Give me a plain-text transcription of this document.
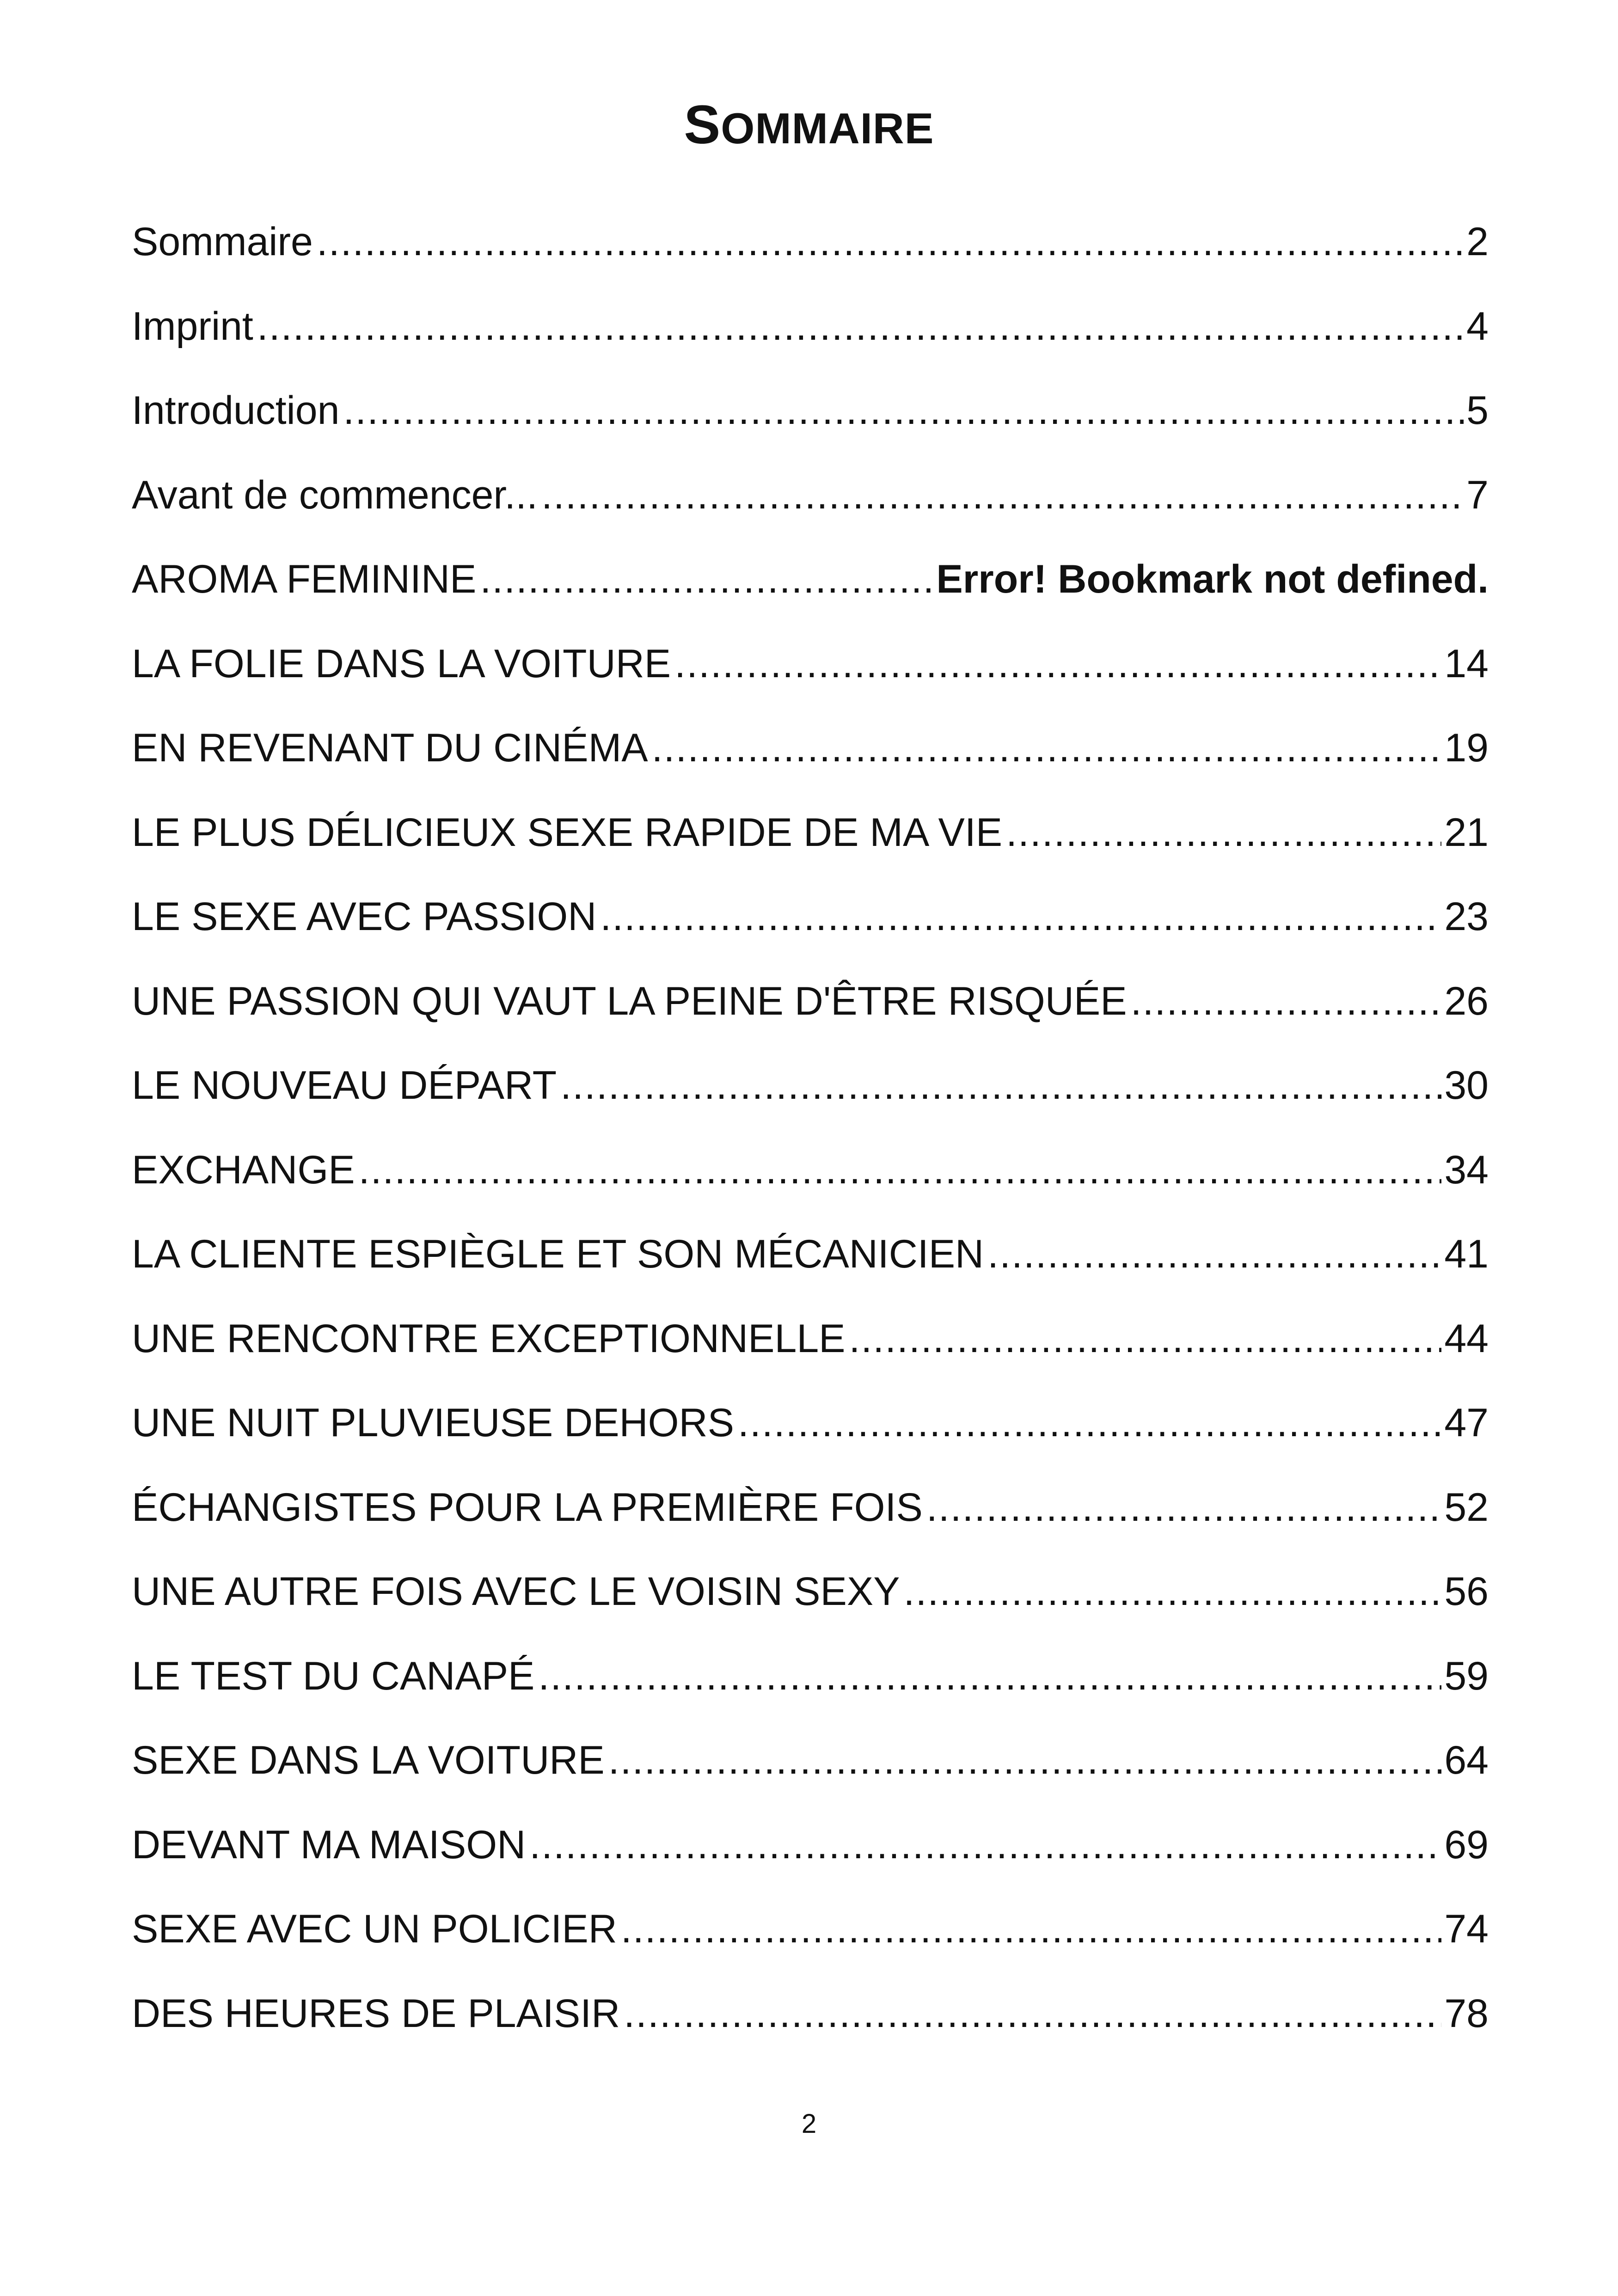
SOMMAIRE
Sommaire .....	2
Imprint .....	4
Introduction .....	5
Avant de commencer... .....	7
AROMA FEMININE .....	Error! Bookmark not defined.
LA FOLIE DANS LA VOITURE .....	14
EN REVENANT DU CINÉMA .....	19
LE PLUS DÉLICIEUX SEXE RAPIDE DE MA VIE .....	21
LE SEXE AVEC PASSION .....	23
UNE PASSION QUI VAUT LA PEINE D'ÊTRE RISQUÉE .....	26
LE NOUVEAU DÉPART .....	30
EXCHANGE .....	34
LA CLIENTE ESPIÈGLE ET SON MÉCANICIEN .....	41
UNE RENCONTRE EXCEPTIONNELLE .....	44
UNE NUIT PLUVIEUSE DEHORS .....	47
ÉCHANGISTES POUR LA PREMIÈRE FOIS .....	52
UNE AUTRE FOIS AVEC LE VOISIN SEXY .....	56
LE TEST DU CANAPÉ .....	59
SEXE DANS LA VOITURE .....	64
DEVANT MA MAISON .....	69
SEXE AVEC UN POLICIER .....	74
DES HEURES DE PLAISIR .....	78
2
